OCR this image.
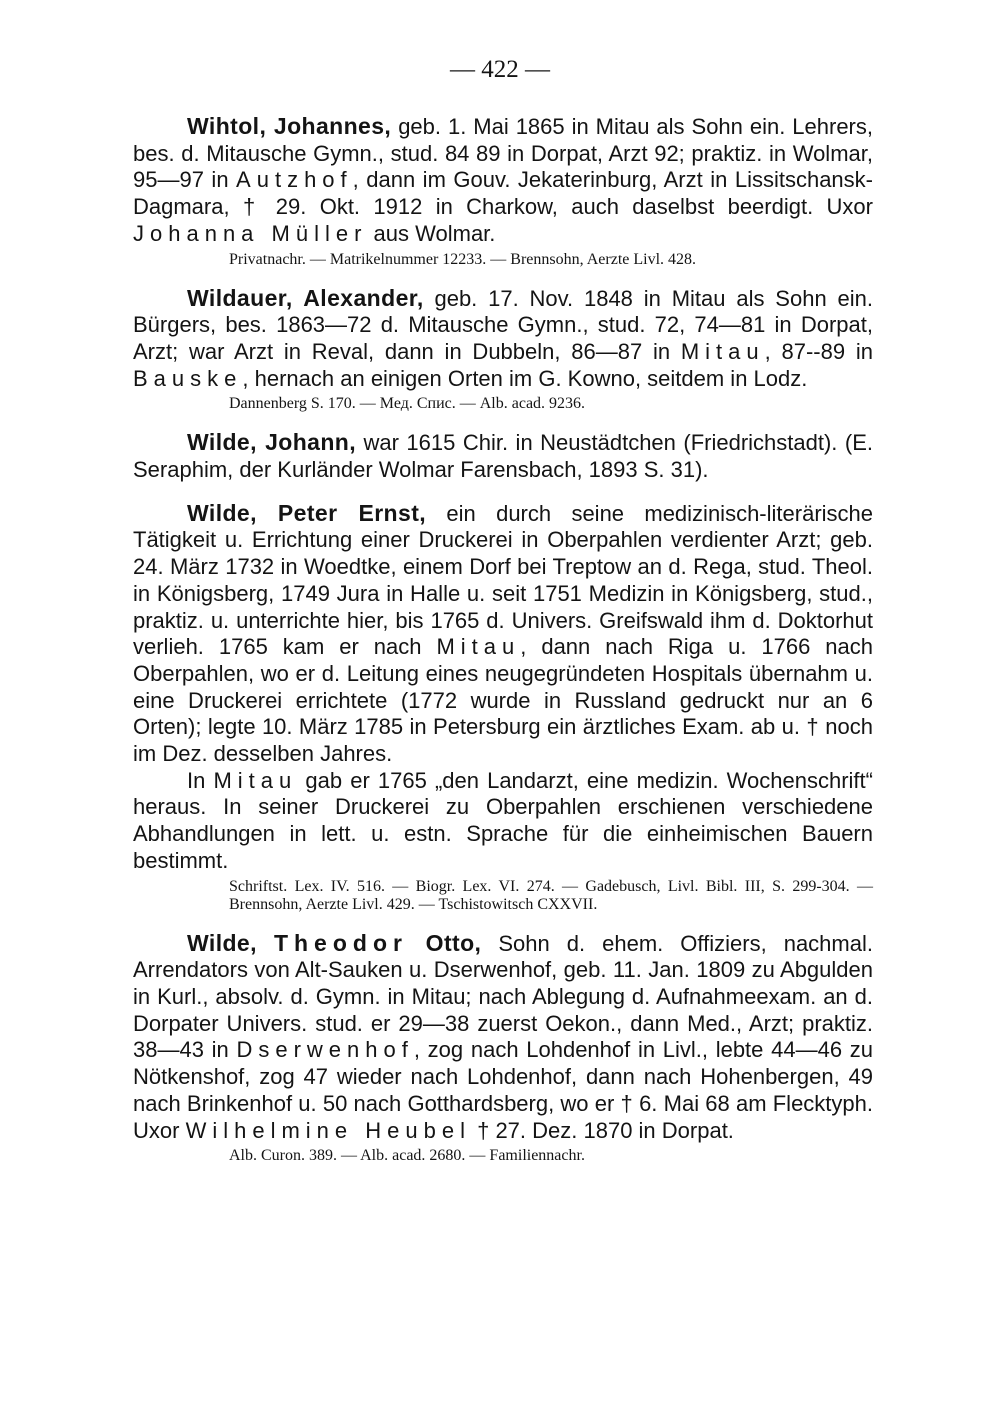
— 422 —

Wihtol, Johannes, geb. 1. Mai 1865 in Mitau als Sohn ein. Lehrers, bes. d. Mitausche Gymn., stud. 84 89 in Dorpat, Arzt 92; praktiz. in Wolmar, 95—97 in Autzhof, dann im Gouv. Jekaterinburg, Arzt in Lissitschansk-Dagmara, † 29. Okt. 1912 in Charkow, auch daselbst beerdigt. Uxor Johanna Müller aus Wolmar.

Privatnachr. — Matrikelnummer 12233. — Brennsohn, Aerzte Livl. 428.

Wildauer, Alexander, geb. 17. Nov. 1848 in Mitau als Sohn ein. Bürgers, bes. 1863—72 d. Mitausche Gymn., stud. 72, 74—81 in Dorpat, Arzt; war Arzt in Reval, dann in Dubbeln, 86—87 in Mitau, 87--89 in Bauske, hernach an einigen Orten im G. Kowno, seitdem in Lodz.

Dannenberg S. 170. — Мед. Спис. — Alb. acad. 9236.

Wilde, Johann, war 1615 Chir. in Neustädtchen (Friedrichstadt). (E. Seraphim, der Kurländer Wolmar Farensbach, 1893 S. 31).

Wilde, Peter Ernst, ein durch seine medizinisch-literärische Tätigkeit u. Errichtung einer Druckerei in Oberpahlen verdienter Arzt; geb. 24. März 1732 in Woedtke, einem Dorf bei Treptow an d. Rega, stud. Theol. in Königsberg, 1749 Jura in Halle u. seit 1751 Medizin in Königsberg, stud., praktiz. u. unterrichte hier, bis 1765 d. Univers. Greifswald ihm d. Doktorhut verlieh. 1765 kam er nach Mitau, dann nach Riga u. 1766 nach Oberpahlen, wo er d. Leitung eines neugegründeten Hospitals übernahm u. eine Druckerei errichtete (1772 wurde in Russland gedruckt nur an 6 Orten); legte 10. März 1785 in Petersburg ein ärztliches Exam. ab u. † noch im Dez. desselben Jahres.

In Mitau gab er 1765 „den Landarzt, eine medizin. Wochenschrift“ heraus. In seiner Druckerei zu Oberpahlen erschienen verschiedene Abhandlungen in lett. u. estn. Sprache für die einheimischen Bauern bestimmt.

Schriftst. Lex. IV. 516. — Biogr. Lex. VI. 274. — Gadebusch, Livl. Bibl. III, S. 299-304. — Brennsohn, Aerzte Livl. 429. — Tschistowitsch CXXVII.

Wilde, Theodor Otto, Sohn d. ehem. Offiziers, nachmal. Arrendators von Alt-Sauken u. Dserwenhof, geb. 11. Jan. 1809 zu Abgulden in Kurl., absolv. d. Gymn. in Mitau; nach Ablegung d. Aufnahmeexam. an d. Dorpater Univers. stud. er 29—38 zuerst Oekon., dann Med., Arzt; praktiz. 38—43 in Dserwenhof, zog nach Lohdenhof in Livl., lebte 44—46 zu Nötkenshof, zog 47 wieder nach Lohdenhof, dann nach Hohenbergen, 49 nach Brinkenhof u. 50 nach Gotthardsberg, wo er † 6. Mai 68 am Flecktyph. Uxor Wilhelmine Heubel † 27. Dez. 1870 in Dorpat.

Alb. Curon. 389. — Alb. acad. 2680. — Familiennachr.
